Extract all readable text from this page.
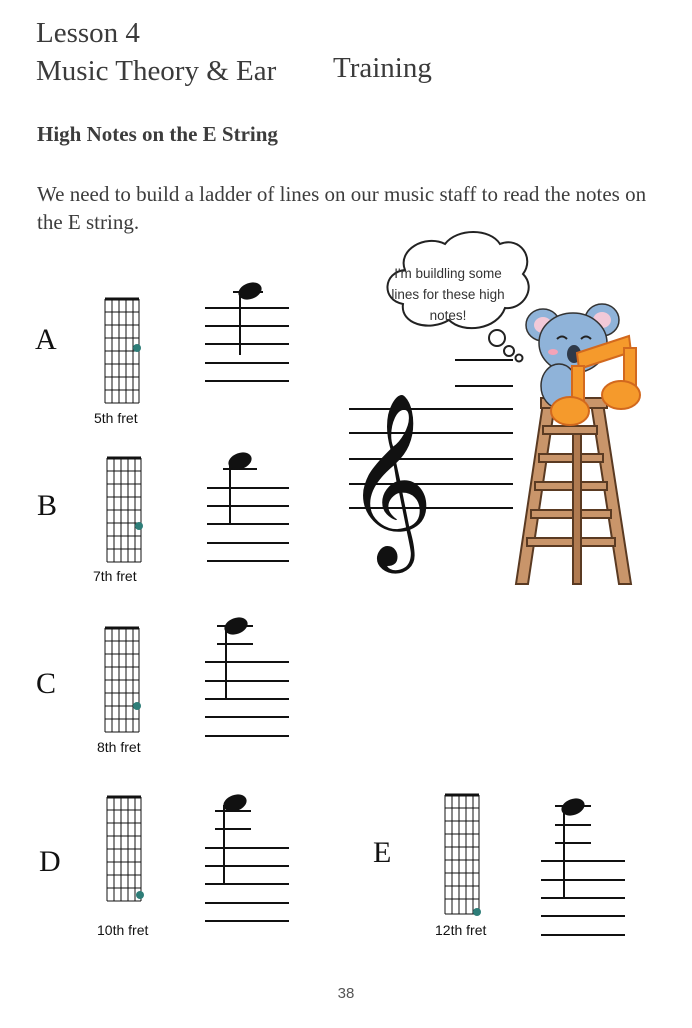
Lesson 4
Music Theory & Ear Training
High Notes on the E String
We need to build a ladder of lines on our music staff to read the notes on the E string.
A
5th fret
B
7th fret
C
8th fret
D
10th fret
E
12th fret
I'm buildling some
lines for these high
notes!
𝄞
38
